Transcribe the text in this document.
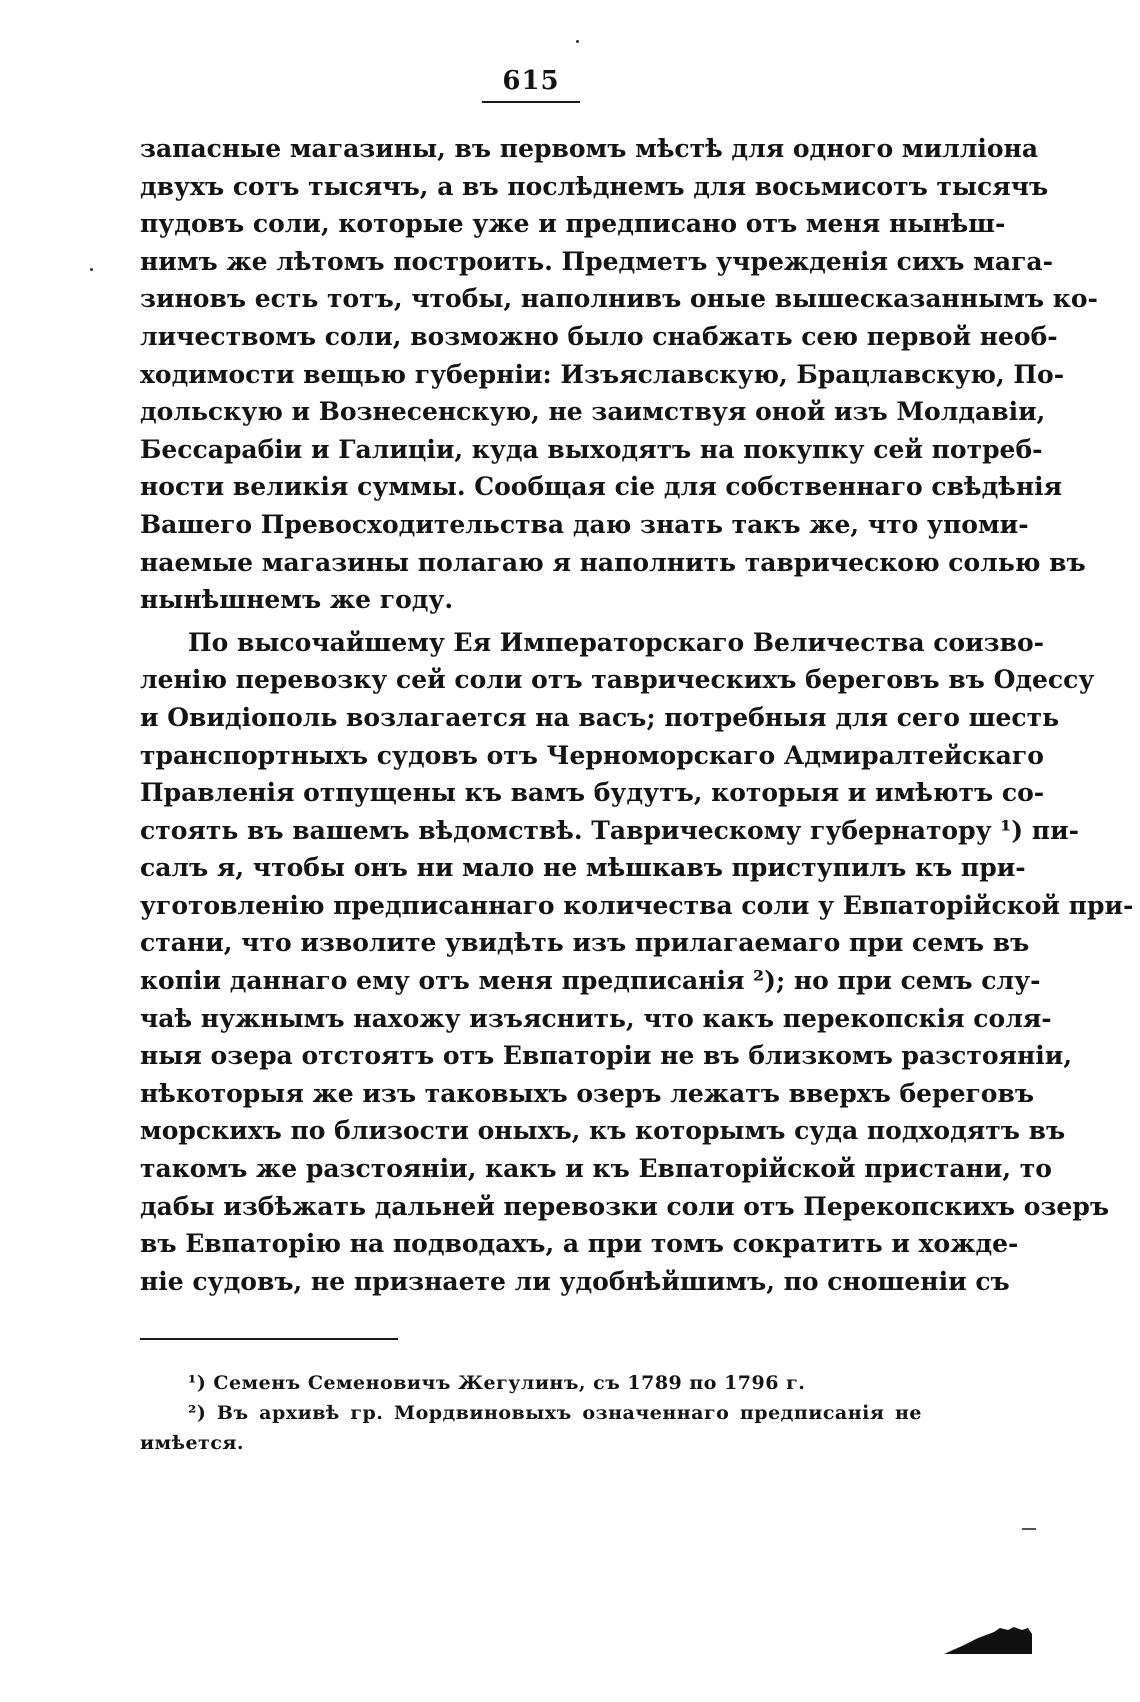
615
запасные магазины, въ первомъ мѣстѣ для одного милліона
двухъ сотъ тысячъ, а въ послѣднемъ для восьмисотъ тысячъ
пудовъ соли, которые уже и предписано отъ меня нынѣш-
нимъ же лѣтомъ построить. Предметъ учрежденія сихъ мага-
зиновъ есть тотъ, чтобы, наполнивъ оные вышесказаннымъ ко-
личествомъ соли, возможно было снабжать сею первой необ-
ходимости вещью губерніи: Изъяславскую, Брацлавскую, По-
дольскую и Вознесенскую, не заимствуя оной изъ Молдавіи,
Бессарабіи и Галиціи, куда выходятъ на покупку сей потреб-
ности великія суммы. Сообщая сіе для собственнаго свѣдѣнія
Вашего Превосходительства даю знать такъ же, что упоми-
наемые магазины полагаю я наполнить таврическою солью въ
нынѣшнемъ же году.
По высочайшему Ея Императорскаго Величества соизво-
ленію перевозку сей соли отъ таврическихъ береговъ въ Одессу
и Овидіополь возлагается на васъ; потребныя для сего шесть
транспортныхъ судовъ отъ Черноморскаго Адмиралтейскаго
Правленія отпущены къ вамъ будутъ, которыя и имѣютъ со-
стоять въ вашемъ вѣдомствѣ. Таврическому губернатору ¹) пи-
салъ я, чтобы онъ ни мало не мѣшкавъ приступилъ къ при-
уготовленію предписаннаго количества соли у Евпаторійской при-
стани, что изволите увидѣть изъ прилагаемаго при семъ въ
копіи даннаго ему отъ меня предписанія ²); но при семъ слу-
чаѣ нужнымъ нахожу изъяснить, что какъ перекопскія соля-
ныя озера отстоятъ отъ Евпаторіи не въ близкомъ разстояніи,
нѣкоторыя же изъ таковыхъ озеръ лежатъ вверхъ береговъ
морскихъ по близости оныхъ, къ которымъ суда подходятъ въ
такомъ же разстояніи, какъ и къ Евпаторійской пристани, то
дабы избѣжать дальней перевозки соли отъ Перекопскихъ озеръ
въ Евпаторію на подводахъ, а при томъ сократить и хожде-
ніе судовъ, не признаете ли удобнѣйшимъ, по сношеніи съ
¹) Семенъ Семеновичъ Жегулинъ, съ 1789 по 1796 г.
²) Въ архивѣ гр. Мордвиновыхъ означеннаго предписанія не
имѣется.
